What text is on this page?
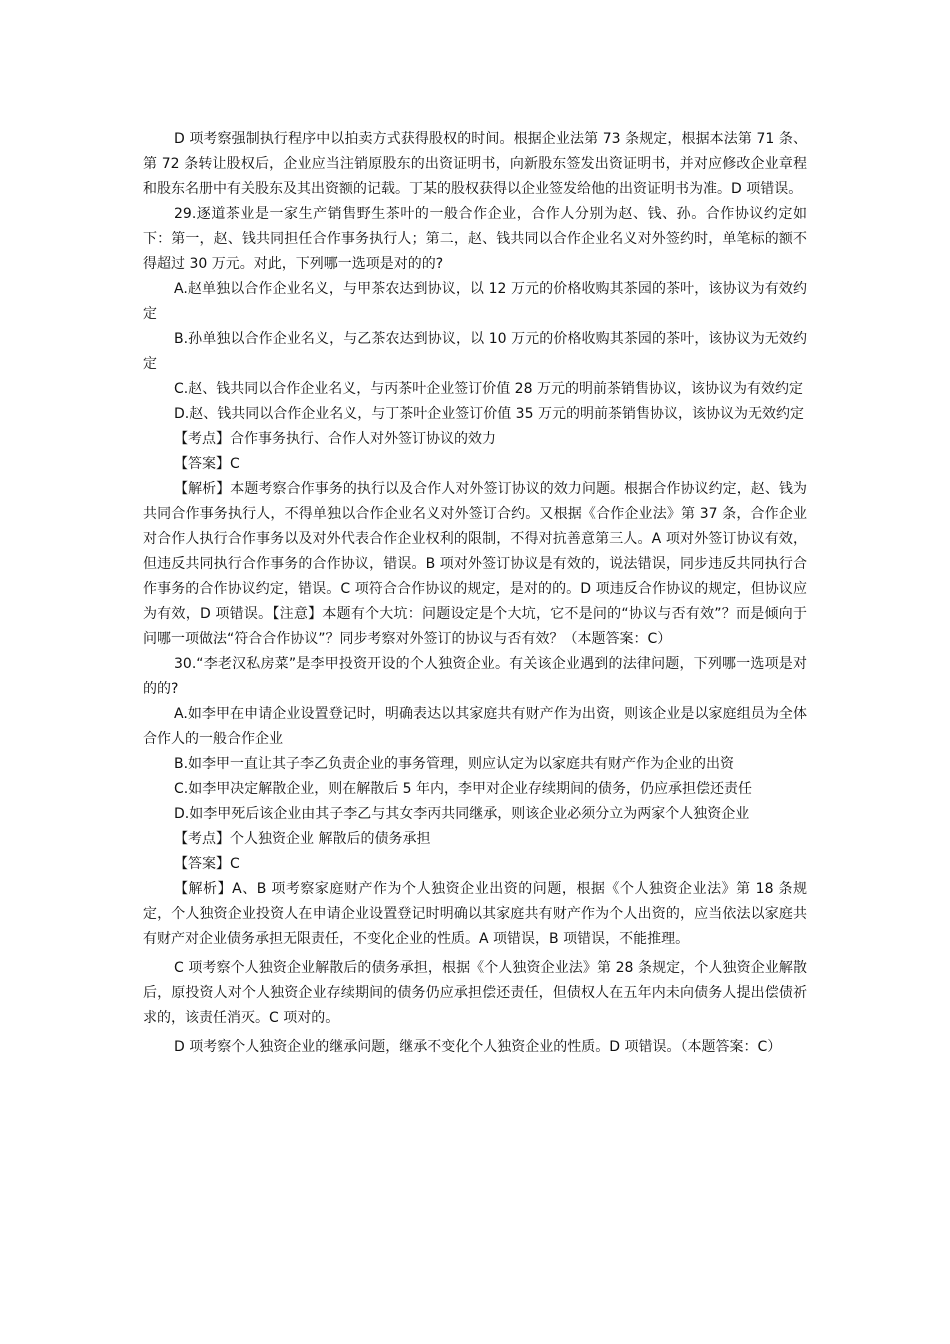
D 项考察强制执行程序中以拍卖方式获得股权的时间。根据企业法第 73 条规定，根据本法第 71 条、第 72 条转让股权后，企业应当注销原股东的出资证明书，向新股东签发出资证明书，并对应修改企业章程和股东名册中有关股东及其出资额的记载。丁某的股权获得以企业签发给他的出资证明书为准。D 项错误。

29.逐道茶业是一家生产销售野生茶叶的一般合作企业，合作人分别为赵、钱、孙。合作协议约定如下：第一，赵、钱共同担任合作事务执行人；第二，赵、钱共同以合作企业名义对外签约时，单笔标的额不得超过 30 万元。对此，下列哪一选项是对的的?

A.赵单独以合作企业名义，与甲茶农达到协议，以 12 万元的价格收购其茶园的茶叶，该协议为有效约定

B.孙单独以合作企业名义，与乙茶农达到协议，以 10 万元的价格收购其茶园的茶叶，该协议为无效约定

C.赵、钱共同以合作企业名义，与丙茶叶企业签订价值 28 万元的明前茶销售协议，该协议为有效约定

D.赵、钱共同以合作企业名义，与丁茶叶企业签订价值 35 万元的明前茶销售协议，该协议为无效约定

【考点】合作事务执行、合作人对外签订协议的效力

【答案】C

【解析】本题考察合作事务的执行以及合作人对外签订协议的效力问题。根据合作协议约定，赵、钱为共同合作事务执行人，不得单独以合作企业名义对外签订合约。又根据《合作企业法》第 37 条，合作企业对合作人执行合作事务以及对外代表合作企业权利的限制，不得对抗善意第三人。A 项对外签订协议有效，但违反共同执行合作事务的合作协议，错误。B 项对外签订协议是有效的，说法错误，同步违反共同执行合作事务的合作协议约定，错误。C 项符合合作协议的规定，是对的的。D 项违反合作协议的规定，但协议应为有效，D 项错误。【注意】本题有个大坑：问题设定是个大坑，它不是问的“协议与否有效”？而是倾向于问哪一项做法“符合合作协议”？同步考察对外签订的协议与否有效？（本题答案：C）

30.“李老汉私房菜”是李甲投资开设的个人独资企业。有关该企业遇到的法律问题，下列哪一选项是对的的?

A.如李甲在申请企业设置登记时，明确表达以其家庭共有财产作为出资，则该企业是以家庭组员为全体合作人的一般合作企业

B.如李甲一直让其子李乙负责企业的事务管理，则应认定为以家庭共有财产作为企业的出资

C.如李甲决定解散企业，则在解散后 5 年内，李甲对企业存续期间的债务，仍应承担偿还责任

D.如李甲死后该企业由其子李乙与其女李丙共同继承，则该企业必须分立为两家个人独资企业

【考点】个人独资企业 解散后的债务承担

【答案】C

【解析】A、B 项考察家庭财产作为个人独资企业出资的问题，根据《个人独资企业法》第 18 条规定，个人独资企业投资人在申请企业设置登记时明确以其家庭共有财产作为个人出资的，应当依法以家庭共有财产对企业债务承担无限责任，不变化企业的性质。A 项错误，B 项错误，不能推理。

C 项考察个人独资企业解散后的债务承担，根据《个人独资企业法》第 28 条规定，个人独资企业解散后，原投资人对个人独资企业存续期间的债务仍应承担偿还责任，但债权人在五年内未向债务人提出偿债祈求的，该责任消灭。C 项对的。

D 项考察个人独资企业的继承问题，继承不变化个人独资企业的性质。D 项错误。（本题答案：C）
